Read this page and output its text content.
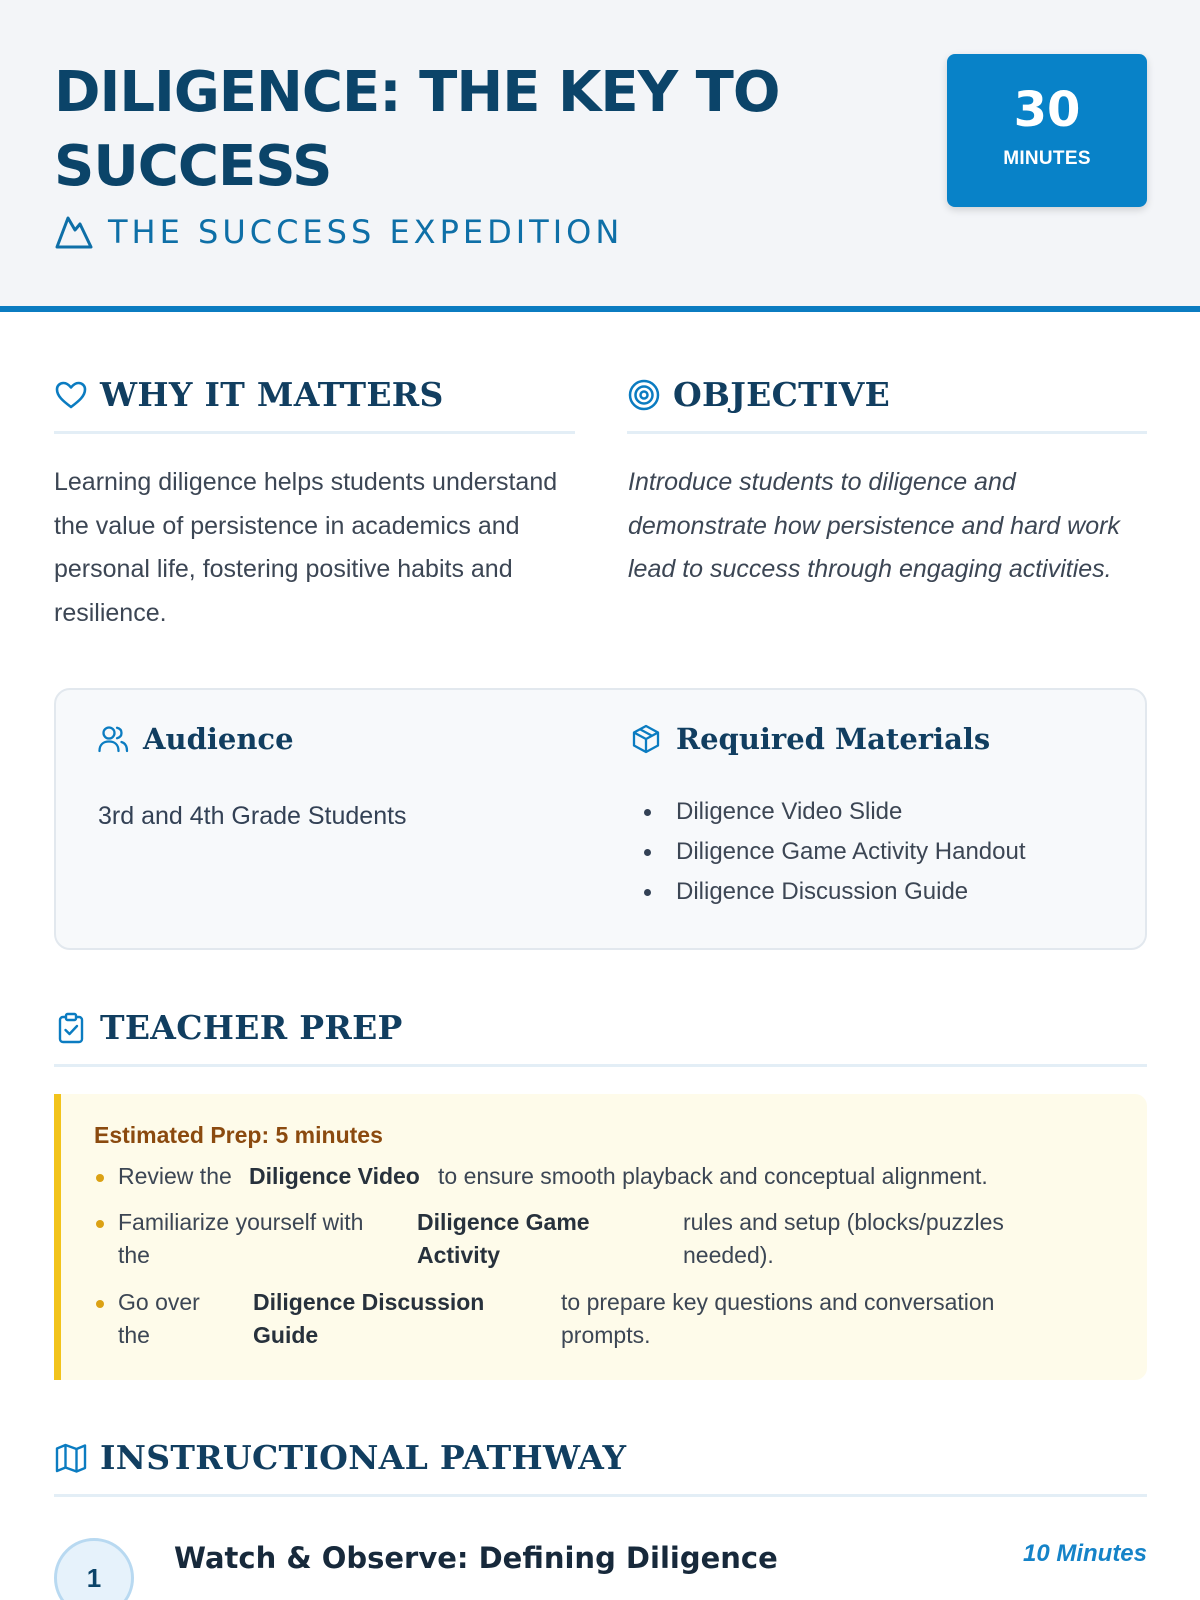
DILIGENCE: THE KEY TO SUCCESS
THE SUCCESS EXPEDITION
30
MINUTES
WHY IT MATTERS

Learning diligence helps students understand the value of persistence in academics and personal life, fostering positive habits and resilience.

OBJECTIVE

Introduce students to diligence and demonstrate how persistence and hard work lead to success through engaging activities.

Audience
3rd and 4th Grade Students
Required Materials
Diligence Video Slide
Diligence Game Activity Handout
Diligence Discussion Guide
TEACHER PREP
Estimated Prep: 5 minutes
Review the Diligence Video to ensure smooth playback and conceptual alignment.
Familiarize yourself with the
Diligence Game Activity
rules and setup (blocks/puzzles needed).
Go over the
Diligence Discussion Guide
to prepare key questions and conversation prompts.
INSTRUCTIONAL PATHWAY
1
Watch & Observe: Defining Diligence	10 Minutes
